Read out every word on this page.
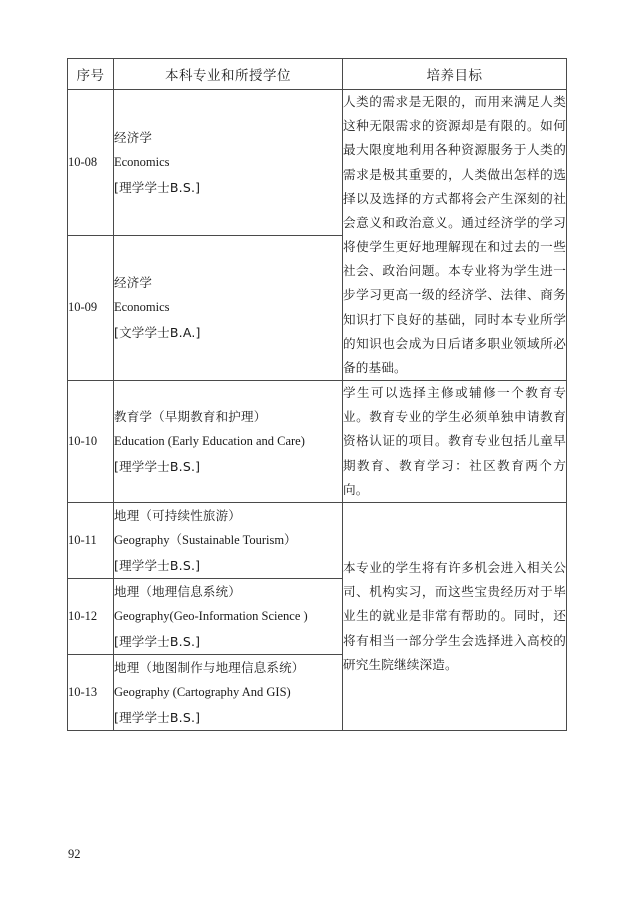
序号	本科专业和所授学位	培养目标
10-08	经济学
Economics
[理学学士B.S.]	人类的需求是无限的，而用来满足人类这种无限需求的资源却是有限的。如何最大限度地利用各种资源服务于人类的需求是极其重要的，人类做出怎样的选择以及选择的方式都将会产生深刻的社会意义和政治意义。通过经济学的学习将使学生更好地理解现在和过去的一些社会、政治问题。本专业将为学生进一步学习更高一级的经济学、法律、商务知识打下良好的基础，同时本专业所学的知识也会成为日后诸多职业领域所必备的基础。

10-09	经济学
Economics
[文学学士B.A.]	

10-10	教育学（早期教育和护理）
Education (Early Education and Care)
[理学学士B.S.]	学生可以选择主修或辅修一个教育专业。教育专业的学生必须单独申请教育资格认证的项目。教育专业包括儿童早期教育、教育学习：社区教育两个方向。

10-11	地理（可持续性旅游）
Geography（Sustainable Tourism）
[理学学士B.S.]	本专业的学生将有许多机会进入相关公司、机构实习，而这些宝贵经历对于毕业生的就业是非常有帮助的。同时，还将有相当一部分学生会选择进入高校的研究生院继续深造。

10-12	地理（地理信息系统）
Geography(Geo-Information Science )
[理学学士B.S.]	

10-13	地理（地图制作与地理信息系统）
Geography (Cartography And GIS)
[理学学士B.S.]	
92
